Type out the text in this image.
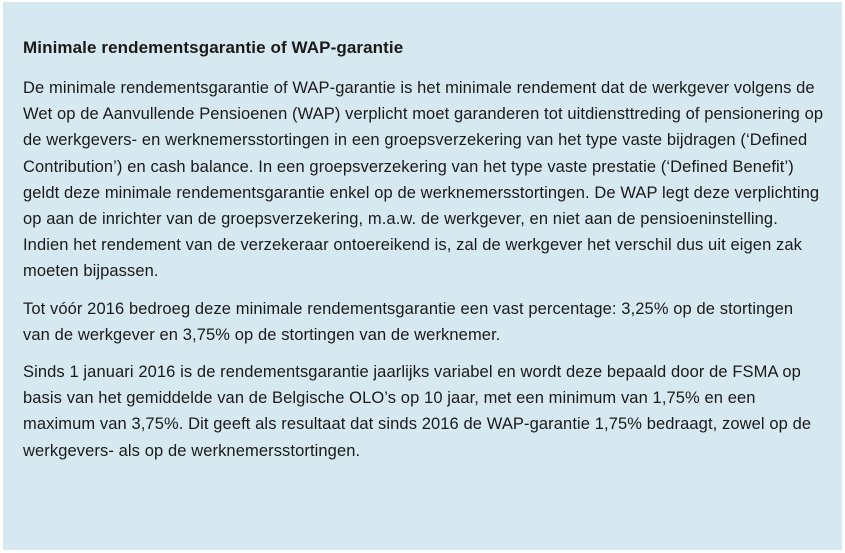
Minimale rendementsgarantie of WAP-garantie

De minimale rendementsgarantie of WAP-garantie is het minimale rendement dat de werkgever volgens de Wet op de Aanvullende Pensioenen (WAP) verplicht moet garanderen tot uitdiensttreding of pensionering op de werkgevers- en werknemersstortingen in een groepsverzekering van het type vaste bijdragen (‘Defined Contribution’) en cash balance. In een groepsverzekering van het type vaste prestatie (‘Defined Benefit’) geldt deze minimale rendementsgarantie enkel op de werknemersstortingen. De WAP legt deze verplichting op aan de inrichter van de groepsverzekering, m.a.w. de werkgever, en niet aan de pensioeninstelling. Indien het rendement van de verzekeraar ontoereikend is, zal de werkgever het verschil dus uit eigen zak moeten bijpassen.

Tot vóór 2016 bedroeg deze minimale rendementsgarantie een vast percentage: 3,25% op de stortingen van de werkgever en 3,75% op de stortingen van de werknemer.

Sinds 1 januari 2016 is de rendementsgarantie jaarlijks variabel en wordt deze bepaald door de FSMA op basis van het gemiddelde van de Belgische OLO’s op 10 jaar, met een minimum van 1,75% en een maximum van 3,75%. Dit geeft als resultaat dat sinds 2016 de WAP-garantie 1,75% bedraagt, zowel op de werkgevers- als op de werknemersstortingen.
